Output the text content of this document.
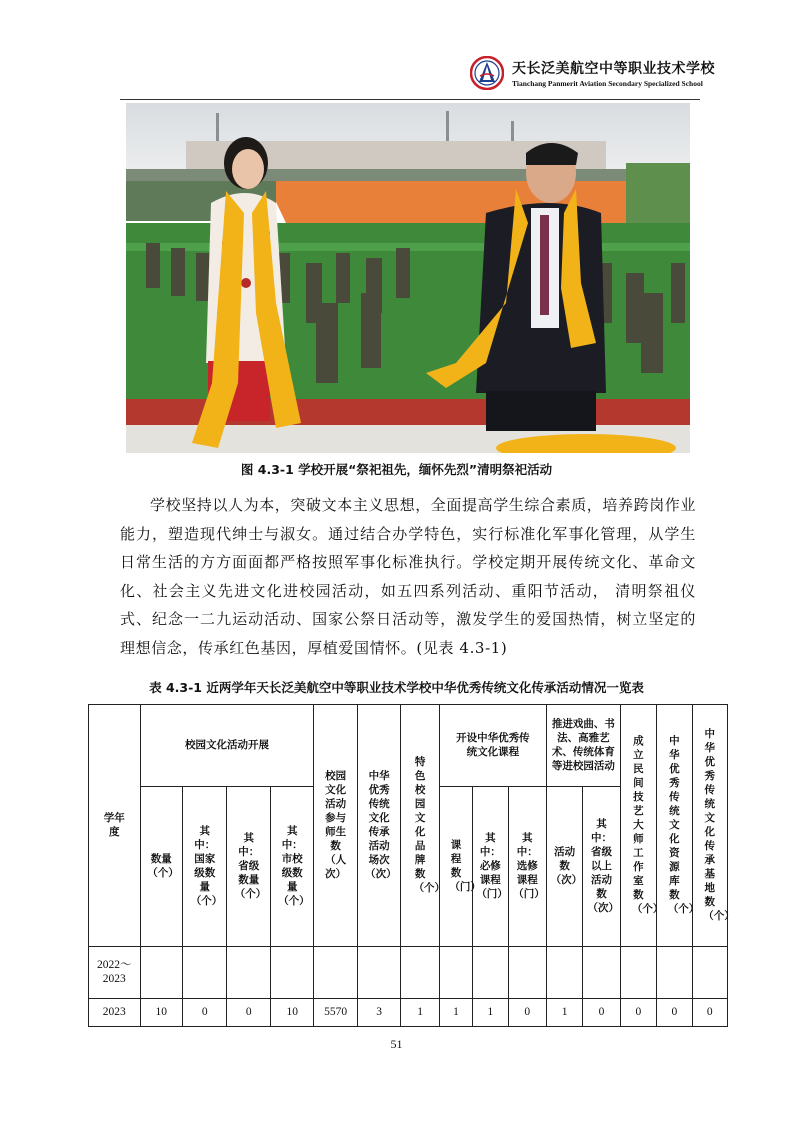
天长泛美航空中等职业技术学校
Tianchang Panmerit Aviation Secondary Specialized School
图 4.3-1 学校开展“祭祀祖先，缅怀先烈”清明祭祀活动

学校坚持以人为本，突破文本主义思想，全面提高学生综合素质，培养跨岗作业能力，塑造现代绅士与淑女。通过结合办学特色，实行标准化军事化管理，从学生日常生活的方方面面都严格按照军事化标准执行。学校定期开展传统文化、革命文化、社会主义先进文化进校园活动，如五四系列活动、重阳节活动， 清明祭祖仪式、纪念一二九运动活动、国家公祭日活动等，激发学生的爱国热情，树立坚定的理想信念，传承红色基因，厚植爱国情怀。(见表 4.3-1)

表 4.3-1 近两学年天长泛美航空中等职业技术学校中华优秀传统文化传承活动情况一览表
学年度	校园文化活动开展				校园文化活动参与师生数（人次）	中华优秀传统文化传承活动场次（次）	特色校园文化品牌数（个）	开设中华优秀传统文化课程			推进戏曲、书法、高雅艺术、传统体育等进校园活动		成立民间技艺大师工作室数（个）	中华优秀传统文化资源库数（个）	中华优秀传统文化传承基地数（个）
	数量（个）	其中：国家级数量（个）	其中：省级数量（个）	其中：市校级数量（个）				课程数（门）	其中：必修课程（门）	其中：选修课程（门）	活动数（次）	其中：省级以上活动数（次）			
2022～2023															
2023	10	0	0	10	5570	3	1	1	1	0	1	0	0	0	0
51
